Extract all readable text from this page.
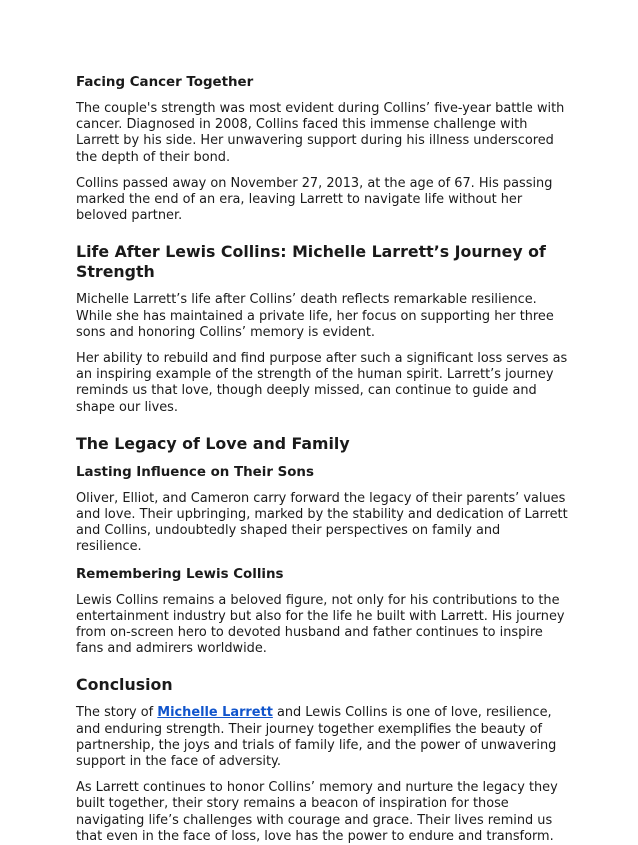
Facing Cancer Together

The couple's strength was most evident during Collins’ five-year battle with cancer. Diagnosed in 2008, Collins faced this immense challenge with Larrett by his side. Her unwavering support during his illness underscored the depth of their bond.

Collins passed away on November 27, 2013, at the age of 67. His passing marked the end of an era, leaving Larrett to navigate life without her beloved partner.

Life After Lewis Collins: Michelle Larrett’s Journey of Strength

Michelle Larrett’s life after Collins’ death reflects remarkable resilience. While she has maintained a private life, her focus on supporting her three sons and honoring Collins’ memory is evident.

Her ability to rebuild and find purpose after such a significant loss serves as an inspiring example of the strength of the human spirit. Larrett’s journey reminds us that love, though deeply missed, can continue to guide and shape our lives.

The Legacy of Love and Family
Lasting Influence on Their Sons

Oliver, Elliot, and Cameron carry forward the legacy of their parents’ values and love. Their upbringing, marked by the stability and dedication of Larrett and Collins, undoubtedly shaped their perspectives on family and resilience.

Remembering Lewis Collins

Lewis Collins remains a beloved figure, not only for his contributions to the entertainment industry but also for the life he built with Larrett. His journey from on-screen hero to devoted husband and father continues to inspire fans and admirers worldwide.

Conclusion

The story of Michelle Larrett and Lewis Collins is one of love, resilience, and enduring strength. Their journey together exemplifies the beauty of partnership, the joys and trials of family life, and the power of unwavering support in the face of adversity.

As Larrett continues to honor Collins’ memory and nurture the legacy they built together, their story remains a beacon of inspiration for those navigating life’s challenges with courage and grace. Their lives remind us that even in the face of loss, love has the power to endure and transform.
